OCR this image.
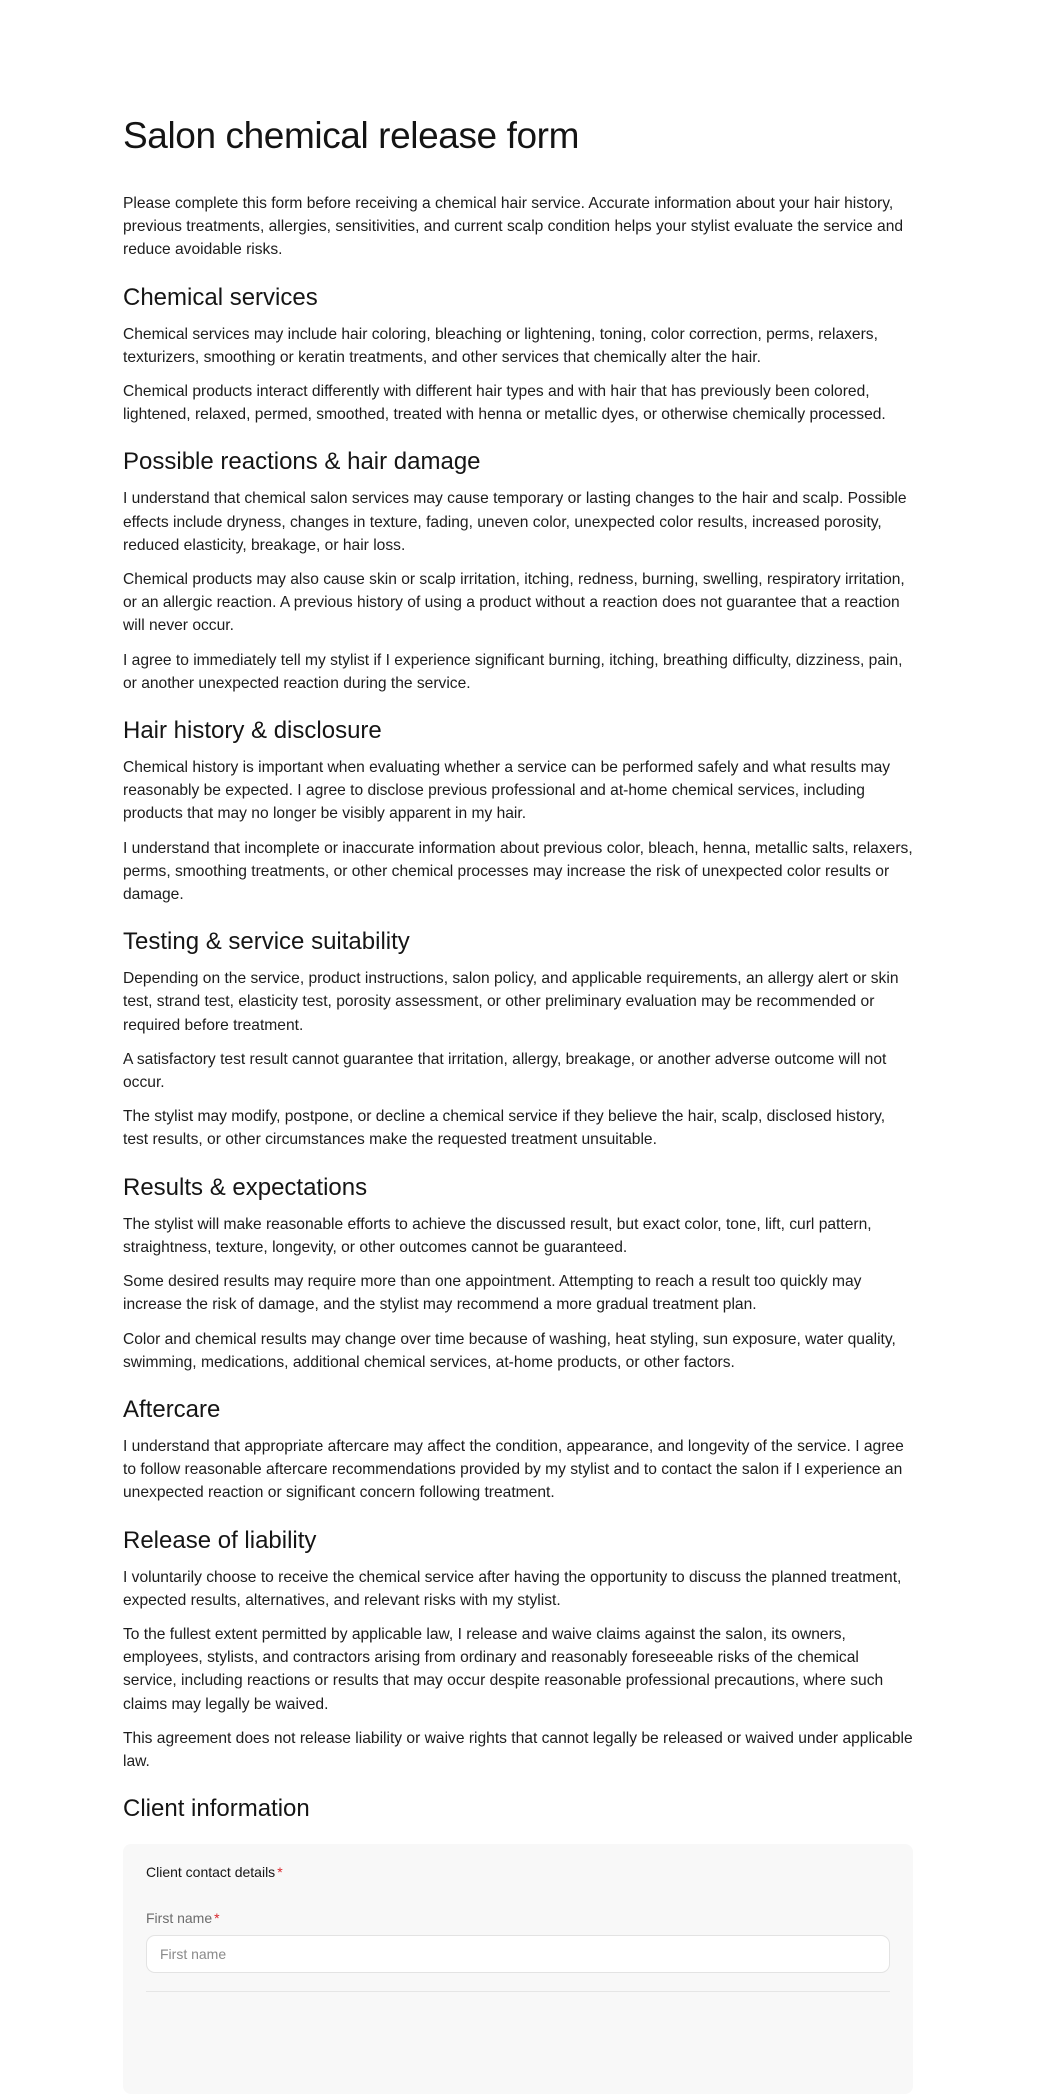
Salon chemical release form

Please complete this form before receiving a chemical hair service. Accurate information about your hair history, previous treatments, allergies, sensitivities, and current scalp condition helps your stylist evaluate the service and reduce avoidable risks.

Chemical services

Chemical services may include hair coloring, bleaching or lightening, toning, color correction, perms, relaxers, texturizers, smoothing or keratin treatments, and other services that chemically alter the hair.

Chemical products interact differently with different hair types and with hair that has previously been colored, lightened, relaxed, permed, smoothed, treated with henna or metallic dyes, or otherwise chemically processed.

Possible reactions & hair damage

I understand that chemical salon services may cause temporary or lasting changes to the hair and scalp. Possible effects include dryness, changes in texture, fading, uneven color, unexpected color results, increased porosity, reduced elasticity, breakage, or hair loss.

Chemical products may also cause skin or scalp irritation, itching, redness, burning, swelling, respiratory irritation, or an allergic reaction. A previous history of using a product without a reaction does not guarantee that a reaction will never occur.

I agree to immediately tell my stylist if I experience significant burning, itching, breathing difficulty, dizziness, pain, or another unexpected reaction during the service.

Hair history & disclosure

Chemical history is important when evaluating whether a service can be performed safely and what results may reasonably be expected. I agree to disclose previous professional and at-home chemical services, including products that may no longer be visibly apparent in my hair.

I understand that incomplete or inaccurate information about previous color, bleach, henna, metallic salts, relaxers, perms, smoothing treatments, or other chemical processes may increase the risk of unexpected color results or damage.

Testing & service suitability

Depending on the service, product instructions, salon policy, and applicable requirements, an allergy alert or skin test, strand test, elasticity test, porosity assessment, or other preliminary evaluation may be recommended or required before treatment.

A satisfactory test result cannot guarantee that irritation, allergy, breakage, or another adverse outcome will not occur.

The stylist may modify, postpone, or decline a chemical service if they believe the hair, scalp, disclosed history, test results, or other circumstances make the requested treatment unsuitable.

Results & expectations

The stylist will make reasonable efforts to achieve the discussed result, but exact color, tone, lift, curl pattern, straightness, texture, longevity, or other outcomes cannot be guaranteed.

Some desired results may require more than one appointment. Attempting to reach a result too quickly may increase the risk of damage, and the stylist may recommend a more gradual treatment plan.

Color and chemical results may change over time because of washing, heat styling, sun exposure, water quality, swimming, medications, additional chemical services, at-home products, or other factors.

Aftercare

I understand that appropriate aftercare may affect the condition, appearance, and longevity of the service. I agree to follow reasonable aftercare recommendations provided by my stylist and to contact the salon if I experience an unexpected reaction or significant concern following treatment.

Release of liability

I voluntarily choose to receive the chemical service after having the opportunity to discuss the planned treatment, expected results, alternatives, and relevant risks with my stylist.

To the fullest extent permitted by applicable law, I release and waive claims against the salon, its owners, employees, stylists, and contractors arising from ordinary and reasonably foreseeable risks of the chemical service, including reactions or results that may occur despite reasonable professional precautions, where such claims may legally be waived.

This agreement does not release liability or waive rights that cannot legally be released or waived under applicable law.

Client information
Client contact details *
First name *
First name
